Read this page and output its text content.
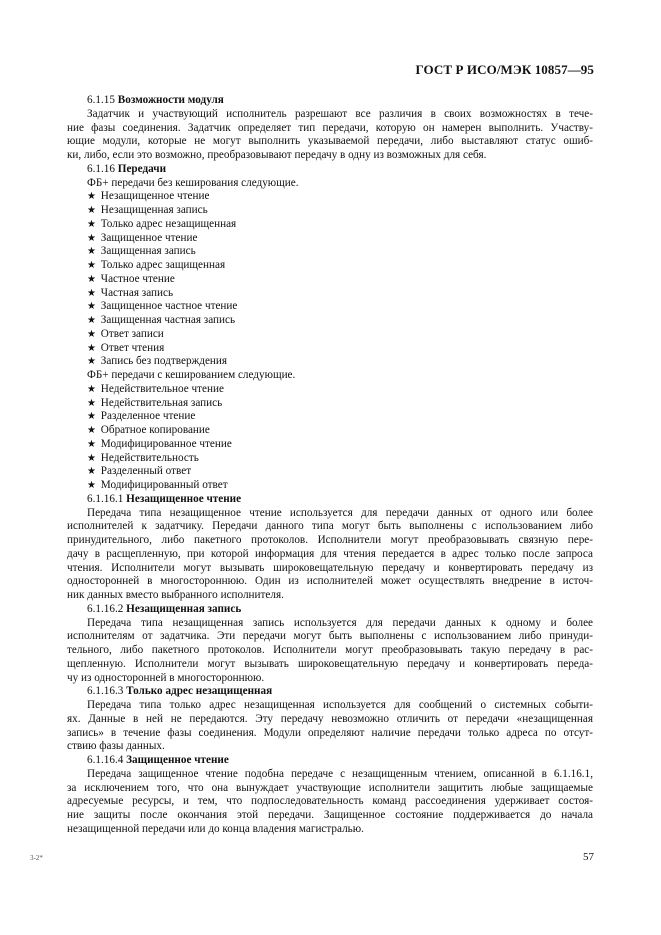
ГОСТ Р ИСО/МЭК 10857—95
6.1.15 Возможности модуля
Задатчик и участвующий исполнитель разрешают все различия в своих возможностях в тече-
ние фазы соединения. Задатчик определяет тип передачи, которую он намерен выполнить. Участву-
ющие модули, которые не могут выполнить указываемой передачи, либо выставляют статус ошиб-
ки, либо, если это возможно, преобразовывают передачу в одну из возможных для себя.
6.1.16 Передачи
ФБ+ передачи без кеширования следующие.
★ Незащищенное чтение
★ Незащищенная запись
★ Только адрес незащищенная
★ Защищенное чтение
★ Защищенная запись
★ Только адрес защищенная
★ Частное чтение
★ Частная запись
★ Защищенное частное чтение
★ Защищенная частная запись
★ Ответ записи
★ Ответ чтения
★ Запись без подтверждения
ФБ+ передачи с кешированием следующие.
★ Недействительное чтение
★ Недействительная запись
★ Разделенное чтение
★ Обратное копирование
★ Модифицированное чтение
★ Недействительность
★ Разделенный ответ
★ Модифицированный ответ
6.1.16.1 Незащищенное чтение
Передача типа незащищенное чтение используется для передачи данных от одного или более
исполнителей к задатчику. Передачи данного типа могут быть выполнены с использованием либо
принудительного, либо пакетного протоколов. Исполнители могут преобразовывать связную пере-
дачу в расщепленную, при которой информация для чтения передается в адрес только после запроса
чтения. Исполнители могут вызывать широковещательную передачу и конвертировать передачу из
односторонней в многостороннюю. Один из исполнителей может осуществлять внедрение в источ-
ник данных вместо выбранного исполнителя.
6.1.16.2 Незащищенная запись
Передача типа незащищенная запись используется для передачи данных к одному и более
исполнителям от задатчика. Эти передачи могут быть выполнены с использованием либо принуди-
тельного, либо пакетного протоколов. Исполнители могут преобразовывать такую передачу в рас-
щепленную. Исполнители могут вызывать широковещательную передачу и конвертировать переда-
чу из односторонней в многостороннюю.
6.1.16.3 Только адрес незащищенная
Передача типа только адрес незащищенная используется для сообщений о системных событи-
ях. Данные в ней не передаются. Эту передачу невозможно отличить от передачи «незащищенная
запись» в течение фазы соединения. Модули определяют наличие передачи только адреса по отсут-
ствию фазы данных.
6.1.16.4 Защищенное чтение
Передача защищенное чтение подобна передаче с незащищенным чтением, описанной в 6.1.16.1,
за исключением того, что она вынуждает участвующие исполнители защитить любые защищаемые
адресуемые ресурсы, и тем, что подпоследовательность команд рассоединения удерживает состоя-
ние защиты после окончания этой передачи. Защищенное состояние поддерживается до начала
незащищенной передачи или до конца владения магистралью.
3-2*	57
